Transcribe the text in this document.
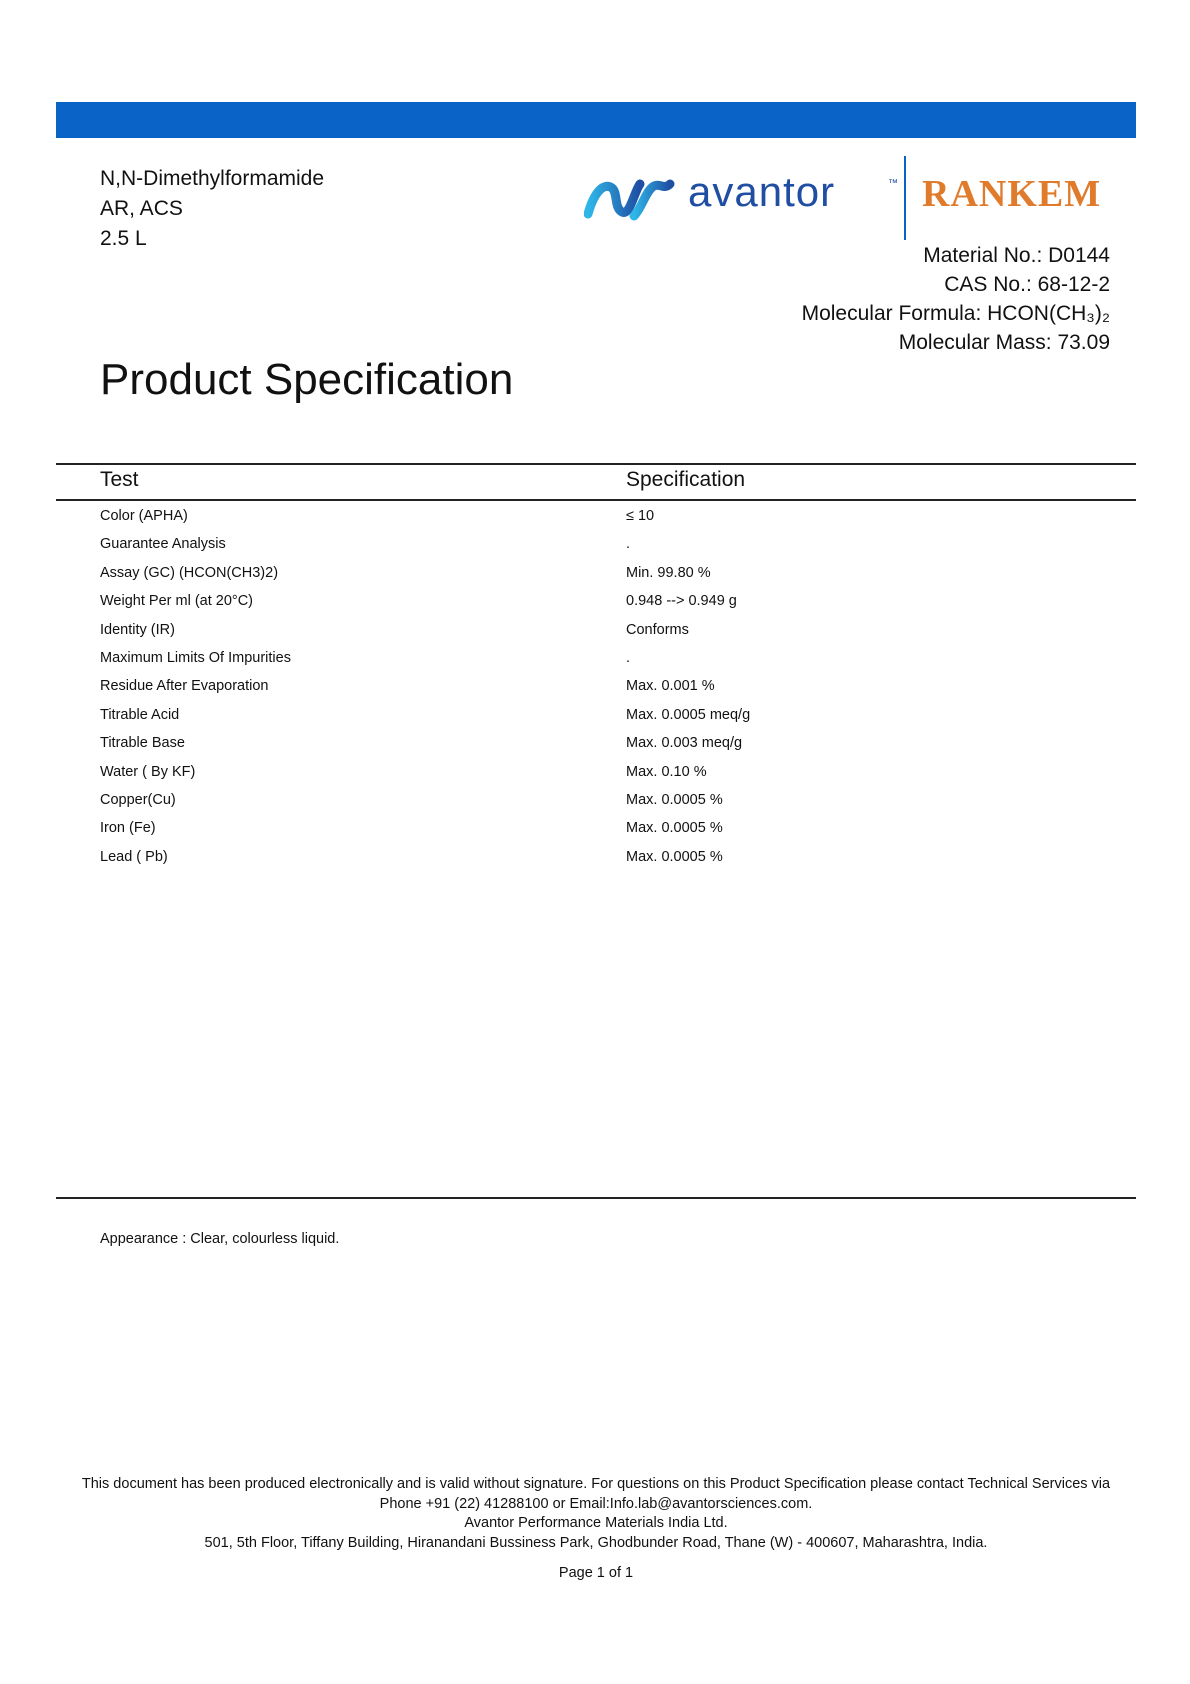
N,N-Dimethylformamide
AR, ACS
2.5 L
avantor	™ RANKEM
Material No.: D0144
CAS No.: 68-12-2
Molecular Formula: HCON(CH₃)₂
Molecular Mass: 73.09
Product Specification
Test	Specification
Color (APHA)	≤ 10
Guarantee Analysis	.
Assay (GC) (HCON(CH3)2)	Min. 99.80 %
Weight Per ml (at 20°C)	0.948 --> 0.949 g
Identity (IR)	Conforms
Maximum Limits Of Impurities	.
Residue After Evaporation	Max. 0.001 %
Titrable Acid	Max. 0.0005 meq/g
Titrable Base	Max. 0.003 meq/g
Water ( By KF)	Max. 0.10 %
Copper(Cu)	Max. 0.0005 %
Iron (Fe)	Max. 0.0005 %
Lead ( Pb)	Max. 0.0005 %
Appearance : Clear, colourless liquid.
This document has been produced electronically and is valid without signature. For questions on this Product Specification please contact Technical Services via
Phone +91 (22) 41288100 or Email:Info.lab@avantorsciences.com.
Avantor Performance Materials India Ltd.
501, 5th Floor, Tiffany Building, Hiranandani Bussiness Park, Ghodbunder Road, Thane (W) - 400607, Maharashtra, India.
Page 1 of 1
